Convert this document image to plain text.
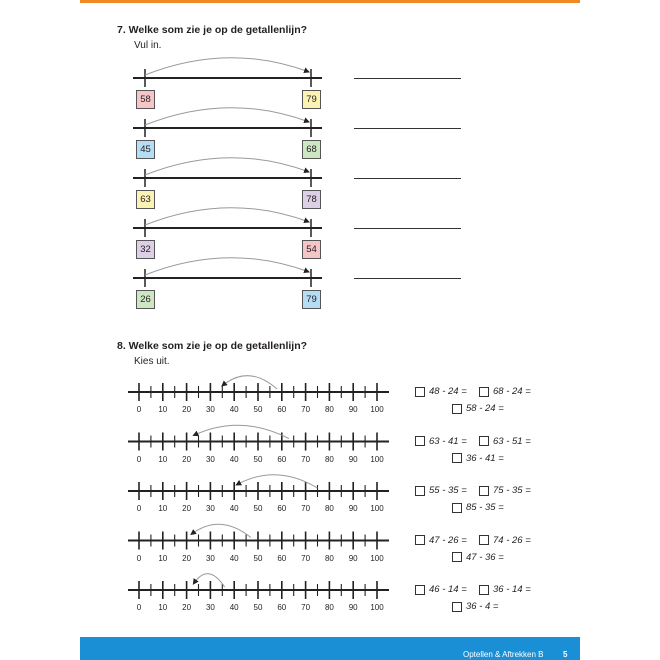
7. Welke som zie je op de getallenlijn?
Vul in.
8. Welke som zie je op de getallenlijn?
Kies uit.
58	79
45	68
63	78
32	54
26	79
0	10	20	30	40	50	60	70	80	90	100
48 - 24 =	68 - 24 =
58 - 24 =
0	10	20	30	40	50	60	70	80	90	100
63 - 41 =	63 - 51 =
36 - 41 =
0	10	20	30	40	50	60	70	80	90	100
55 - 35 =	75 - 35 =
85 - 35 =
0	10	20	30	40	50	60	70	80	90	100
47 - 26 =	74 - 26 =
47 - 36 =
0	10	20	30	40	50	60	70	80	90	100
46 - 14 =	36 - 14 =
36 - 4 =
Optellen & Aftrekken B 5
